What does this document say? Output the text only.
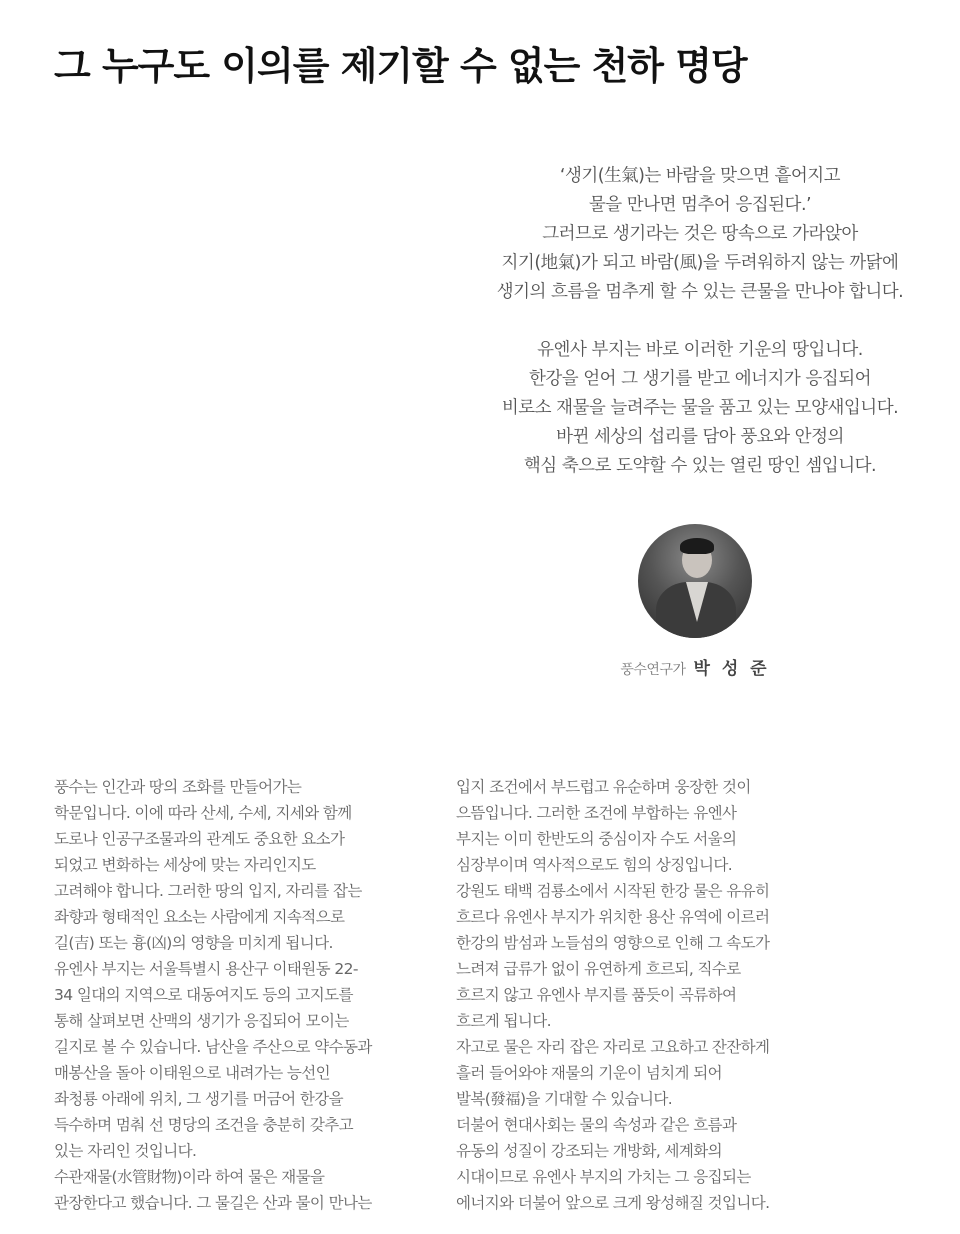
그 누구도 이의를 제기할 수 없는 천하 명당

‘생기(生氣)는 바람을 맞으면 흩어지고
물을 만나면 멈추어 응집된다.’
그러므로 생기라는 것은 땅속으로 가라앉아
지기(地氣)가 되고 바람(風)을 두려워하지 않는 까닭에
생기의 흐름을 멈추게 할 수 있는 큰물을 만나야 합니다.

유엔사 부지는 바로 이러한 기운의 땅입니다.
한강을 얻어 그 생기를 받고 에너지가 응집되어
비로소 재물을 늘려주는 물을 품고 있는 모양새입니다.
바뀐 세상의 섭리를 담아 풍요와 안정의
핵심 축으로 도약할 수 있는 열린 땅인 셈입니다.

풍수연구가 박 성 준
풍수는 인간과 땅의 조화를 만들어가는
학문입니다. 이에 따라 산세, 수세, 지세와 함께
도로나 인공구조물과의 관계도 중요한 요소가
되었고 변화하는 세상에 맞는 자리인지도
고려해야 합니다. 그러한 땅의 입지, 자리를 잡는
좌향과 형태적인 요소는 사람에게 지속적으로
길(吉) 또는 흉(凶)의 영향을 미치게 됩니다.
유엔사 부지는 서울특별시 용산구 이태원동 22-
34 일대의 지역으로 대동여지도 등의 고지도를
통해 살펴보면 산맥의 생기가 응집되어 모이는
길지로 볼 수 있습니다. 남산을 주산으로 약수동과
매봉산을 돌아 이태원으로 내려가는 능선인
좌청룡 아래에 위치, 그 생기를 머금어 한강을
득수하며 멈춰 선 명당의 조건을 충분히 갖추고
있는 자리인 것입니다.
수관재물(水管財物)이라 하여 물은 재물을
관장한다고 했습니다. 그 물길은 산과 물이 만나는
입지 조건에서 부드럽고 유순하며 웅장한 것이
으뜸입니다. 그러한 조건에 부합하는 유엔사
부지는 이미 한반도의 중심이자 수도 서울의
심장부이며 역사적으로도 힘의 상징입니다.
강원도 태백 검룡소에서 시작된 한강 물은 유유히
흐르다 유엔사 부지가 위치한 용산 유역에 이르러
한강의 밤섬과 노들섬의 영향으로 인해 그 속도가
느려져 급류가 없이 유연하게 흐르되, 직수로
흐르지 않고 유엔사 부지를 품듯이 곡류하여
흐르게 됩니다.
자고로 물은 자리 잡은 자리로 고요하고 잔잔하게
흘러 들어와야 재물의 기운이 넘치게 되어
발복(發福)을 기대할 수 있습니다.
더불어 현대사회는 물의 속성과 같은 흐름과
유동의 성질이 강조되는 개방화, 세계화의
시대이므로 유엔사 부지의 가치는 그 응집되는
에너지와 더불어 앞으로 크게 왕성해질 것입니다.
